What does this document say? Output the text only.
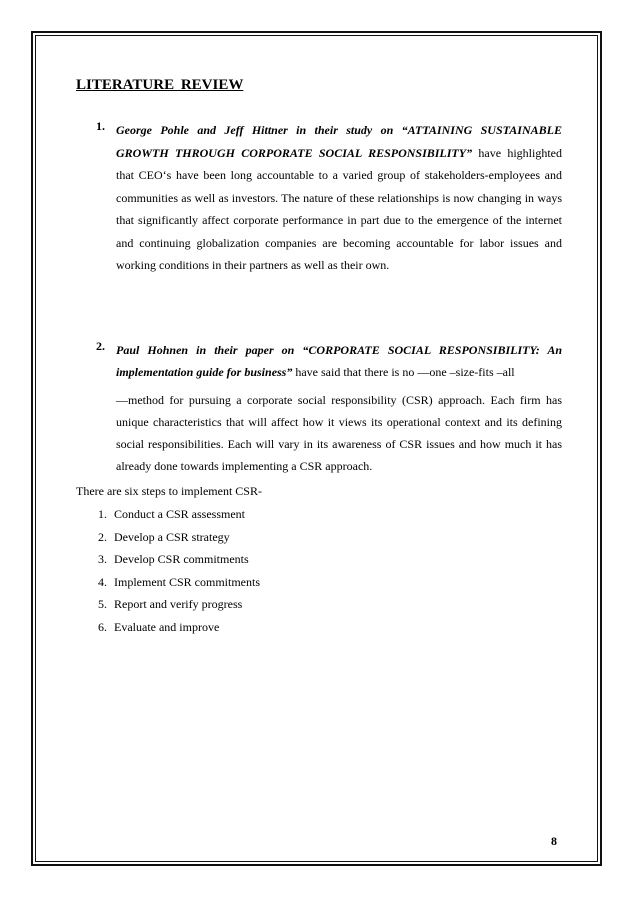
LITERATURE REVIEW
1. George Pohle and Jeff Hittner in their study on “ATTAINING SUSTAINABLE GROWTH THROUGH CORPORATE SOCIAL RESPONSIBILITY” have highlighted that CEO‘s have been long accountable to a varied group of stakeholders-employees and communities as well as investors. The nature of these relationships is now changing in ways that significantly affect corporate performance in part due to the emergence of the internet and continuing globalization companies are becoming accountable for labor issues and working conditions in their partners as well as their own.
2. Paul Hohnen in their paper on “CORPORATE SOCIAL RESPONSIBILITY: An implementation guide for business” have said that there is no ―one –size-fits –all
―method for pursuing a corporate social responsibility (CSR) approach. Each firm has unique characteristics that will affect how it views its operational context and its defining social responsibilities. Each will vary in its awareness of CSR issues and how much it has already done towards implementing a CSR approach.
There are six steps to implement CSR-
1. Conduct a CSR assessment
2. Develop a CSR strategy
3. Develop CSR commitments
4. Implement CSR commitments
5. Report and verify progress
6. Evaluate and improve
8
